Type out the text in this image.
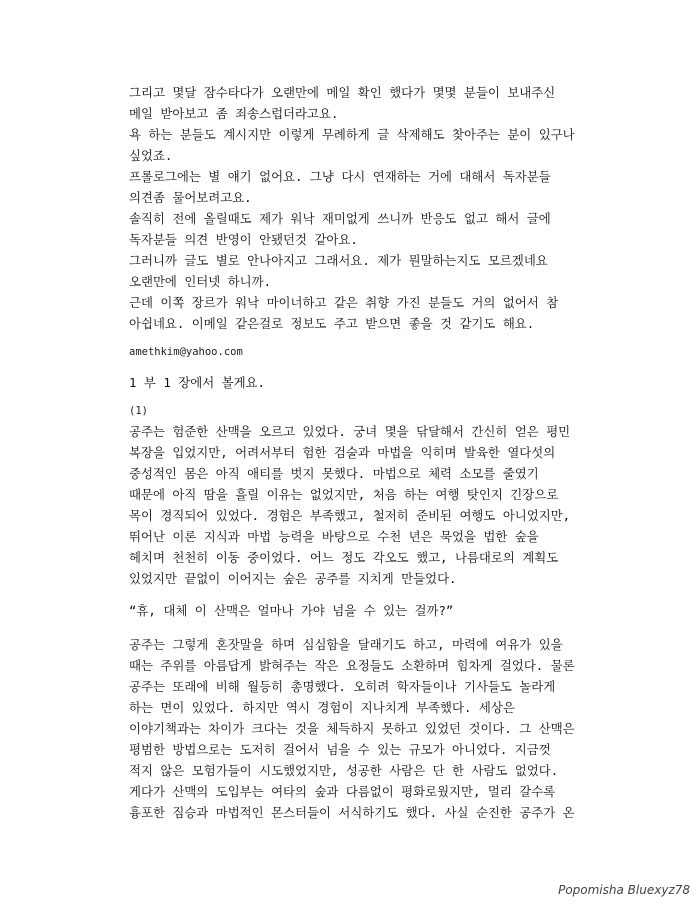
그리고 몇달 잠수타다가 오랜만에 메일 확인 했다가 몇몇 분들이 보내주신
메일 받아보고 좀 죄송스럽더라고요.
욕 하는 분들도 계시지만 이렇게 무례하게 글 삭제해도 찾아주는 분이 있구나
싶었죠.
프롤로그에는 별 얘기 없어요. 그냥 다시 연재하는 거에 대해서 독자분들
의견좀 물어보려고요.
솔직히 전에 올릴때도 제가 워낙 재미없게 쓰니까 반응도 없고 해서 글에
독자분들 의견 반영이 안됐던것 같아요.
그러니까 글도 별로 안나아지고 그래서요. 제가 뭔말하는지도 모르겠네요
오랜만에 인터넷 하니까.
근데 이쪽 장르가 워낙 마이너하고 같은 취향 가진 분들도 거의 없어서 참
아쉽네요. 이메일 같은걸로 정보도 주고 받으면 좋을 것 같기도 해요.
amethkim@yahoo.com
1 부 1 장에서 볼게요.
(1)
공주는 험준한 산맥을 오르고 있었다. 궁녀 몇을 닦달해서 간신히 얻은 평민
복장을 입었지만, 어려서부터 험한 검술과 마법을 익히며 발육한 열다섯의
중성적인 몸은 아직 애티를 벗지 못했다. 마법으로 체력 소모를 줄였기
때문에 아직 땀을 흘릴 이유는 없었지만, 처음 하는 여행 탓인지 긴장으로
목이 경직되어 있었다. 경험은 부족했고, 철저히 준비된 여행도 아니었지만,
뛰어난 이론 지식과 마법 능력을 바탕으로 수천 년은 묵었을 법한 숲을
헤치며 천천히 이동 중이었다. 어느 정도 각오도 했고, 나름대로의 계획도
있었지만 끝없이 이어지는 숲은 공주를 지치게 만들었다.
“휴, 대체 이 산맥은 얼마나 가야 넘을 수 있는 걸까?”
공주는 그렇게 혼잣말을 하며 심심함을 달래기도 하고, 마력에 여유가 있을
때는 주위를 아름답게 밝혀주는 작은 요정들도 소환하며 힘차게 걸었다. 물론
공주는 또래에 비해 월등히 총명했다. 오히려 학자들이나 기사들도 놀라게
하는 면이 있었다. 하지만 역시 경험이 지나치게 부족했다. 세상은
이야기책과는 차이가 크다는 것을 체득하지 못하고 있었던 것이다. 그 산맥은
평범한 방법으로는 도저히 걸어서 넘을 수 있는 규모가 아니었다. 지금껏
적지 않은 모험가들이 시도했었지만, 성공한 사람은 단 한 사람도 없었다.
게다가 산맥의 도입부는 여타의 숲과 다름없이 평화로웠지만, 멀리 갈수록
흉포한 짐승과 마법적인 몬스터들이 서식하기도 했다. 사실 순진한 공주가 온
Popomisha Bluexyz78
